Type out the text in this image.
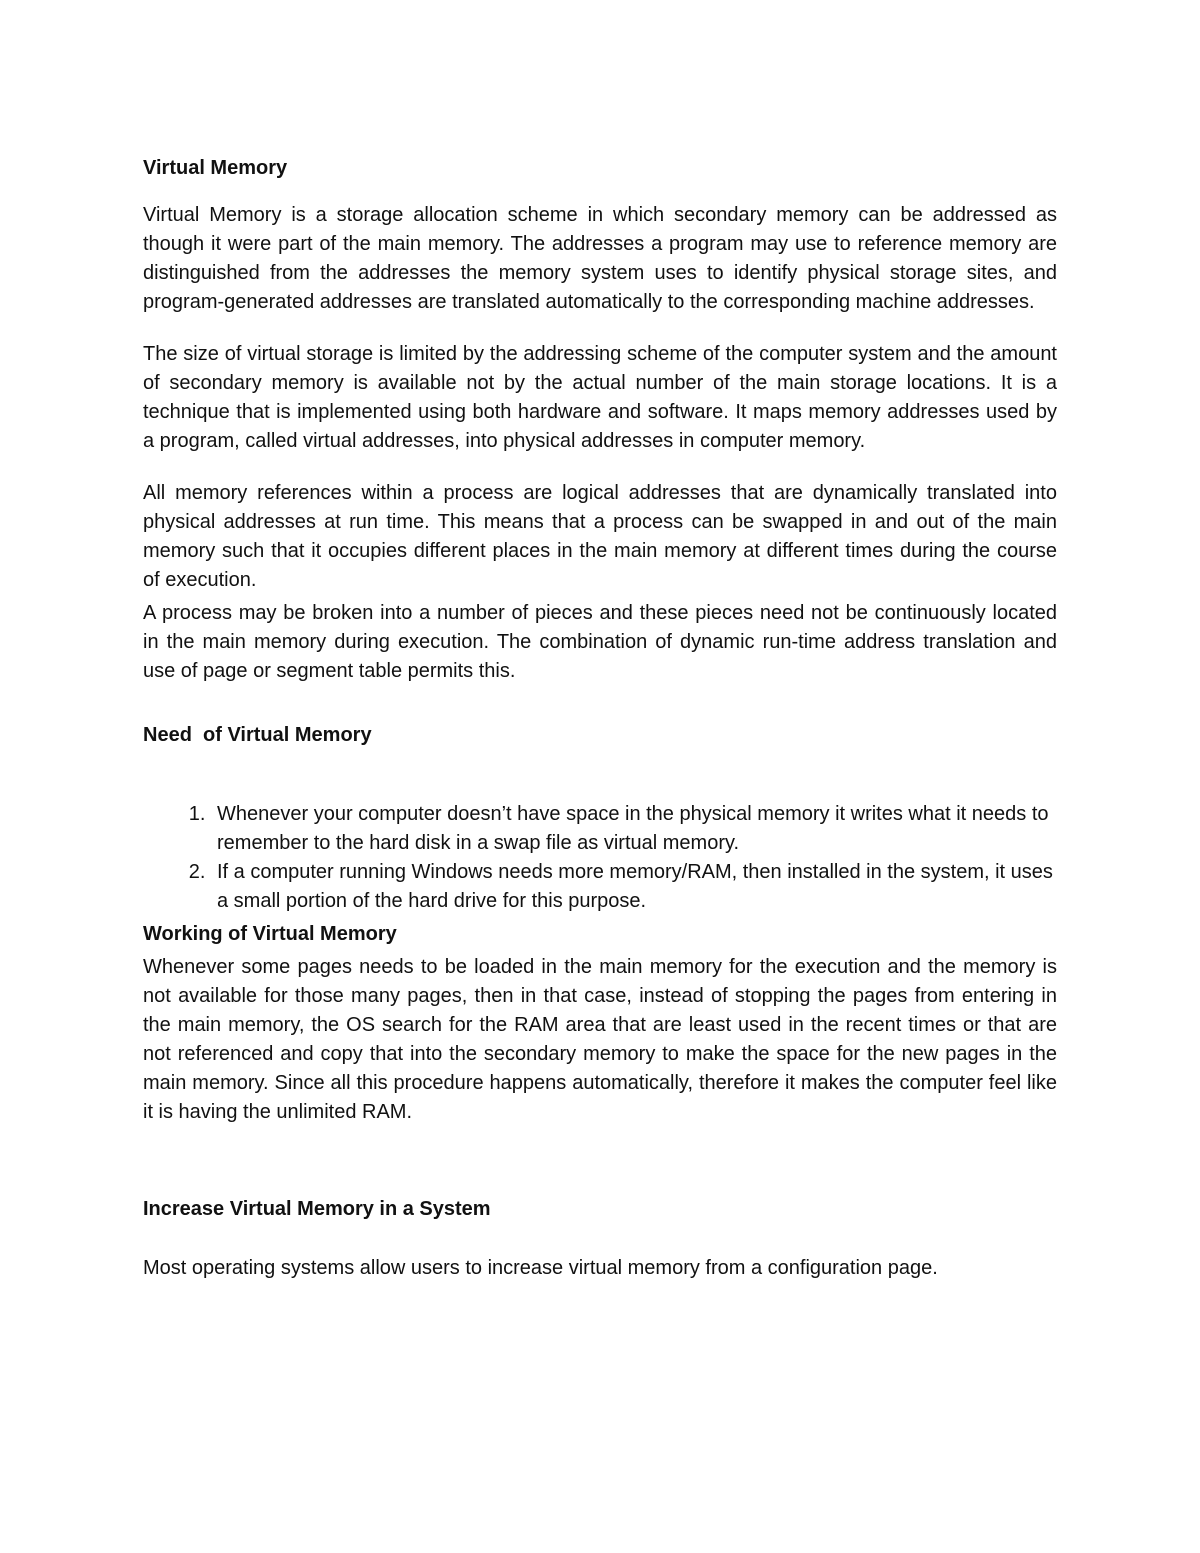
Virtual Memory

Virtual Memory is a storage allocation scheme in which secondary memory can be addressed as though it were part of the main memory. The addresses a program may use to reference memory are distinguished from the addresses the memory system uses to identify physical storage sites, and program-generated addresses are translated automatically to the corresponding machine addresses.

The size of virtual storage is limited by the addressing scheme of the computer system and the amount of secondary memory is available not by the actual number of the main storage locations. It is a technique that is implemented using both hardware and software. It maps memory addresses used by a program, called virtual addresses, into physical addresses in computer memory.

All memory references within a process are logical addresses that are dynamically translated into physical addresses at run time. This means that a process can be swapped in and out of the main memory such that it occupies different places in the main memory at different times during the course of execution.

A process may be broken into a number of pieces and these pieces need not be continuously located in the main memory during execution. The combination of dynamic run-time address translation and use of page or segment table permits this.

Need  of Virtual Memory
1. Whenever your computer doesn’t have space in the physical memory it writes what it needs to remember to the hard disk in a swap file as virtual memory.
2. If a computer running Windows needs more memory/RAM, then installed in the system, it uses a small portion of the hard drive for this purpose.
Working of Virtual Memory

Whenever some pages needs to be loaded in the main memory for the execution and the memory is not available for those many pages, then in that case, instead of stopping the pages from entering in the main memory, the OS search for the RAM area that are least used in the recent times or that are not referenced and copy that into the secondary memory to make the space for the new pages in the main memory. Since all this procedure happens automatically, therefore it makes the computer feel like it is having the unlimited RAM.

Increase Virtual Memory in a System

Most operating systems allow users to increase virtual memory from a configuration page.
